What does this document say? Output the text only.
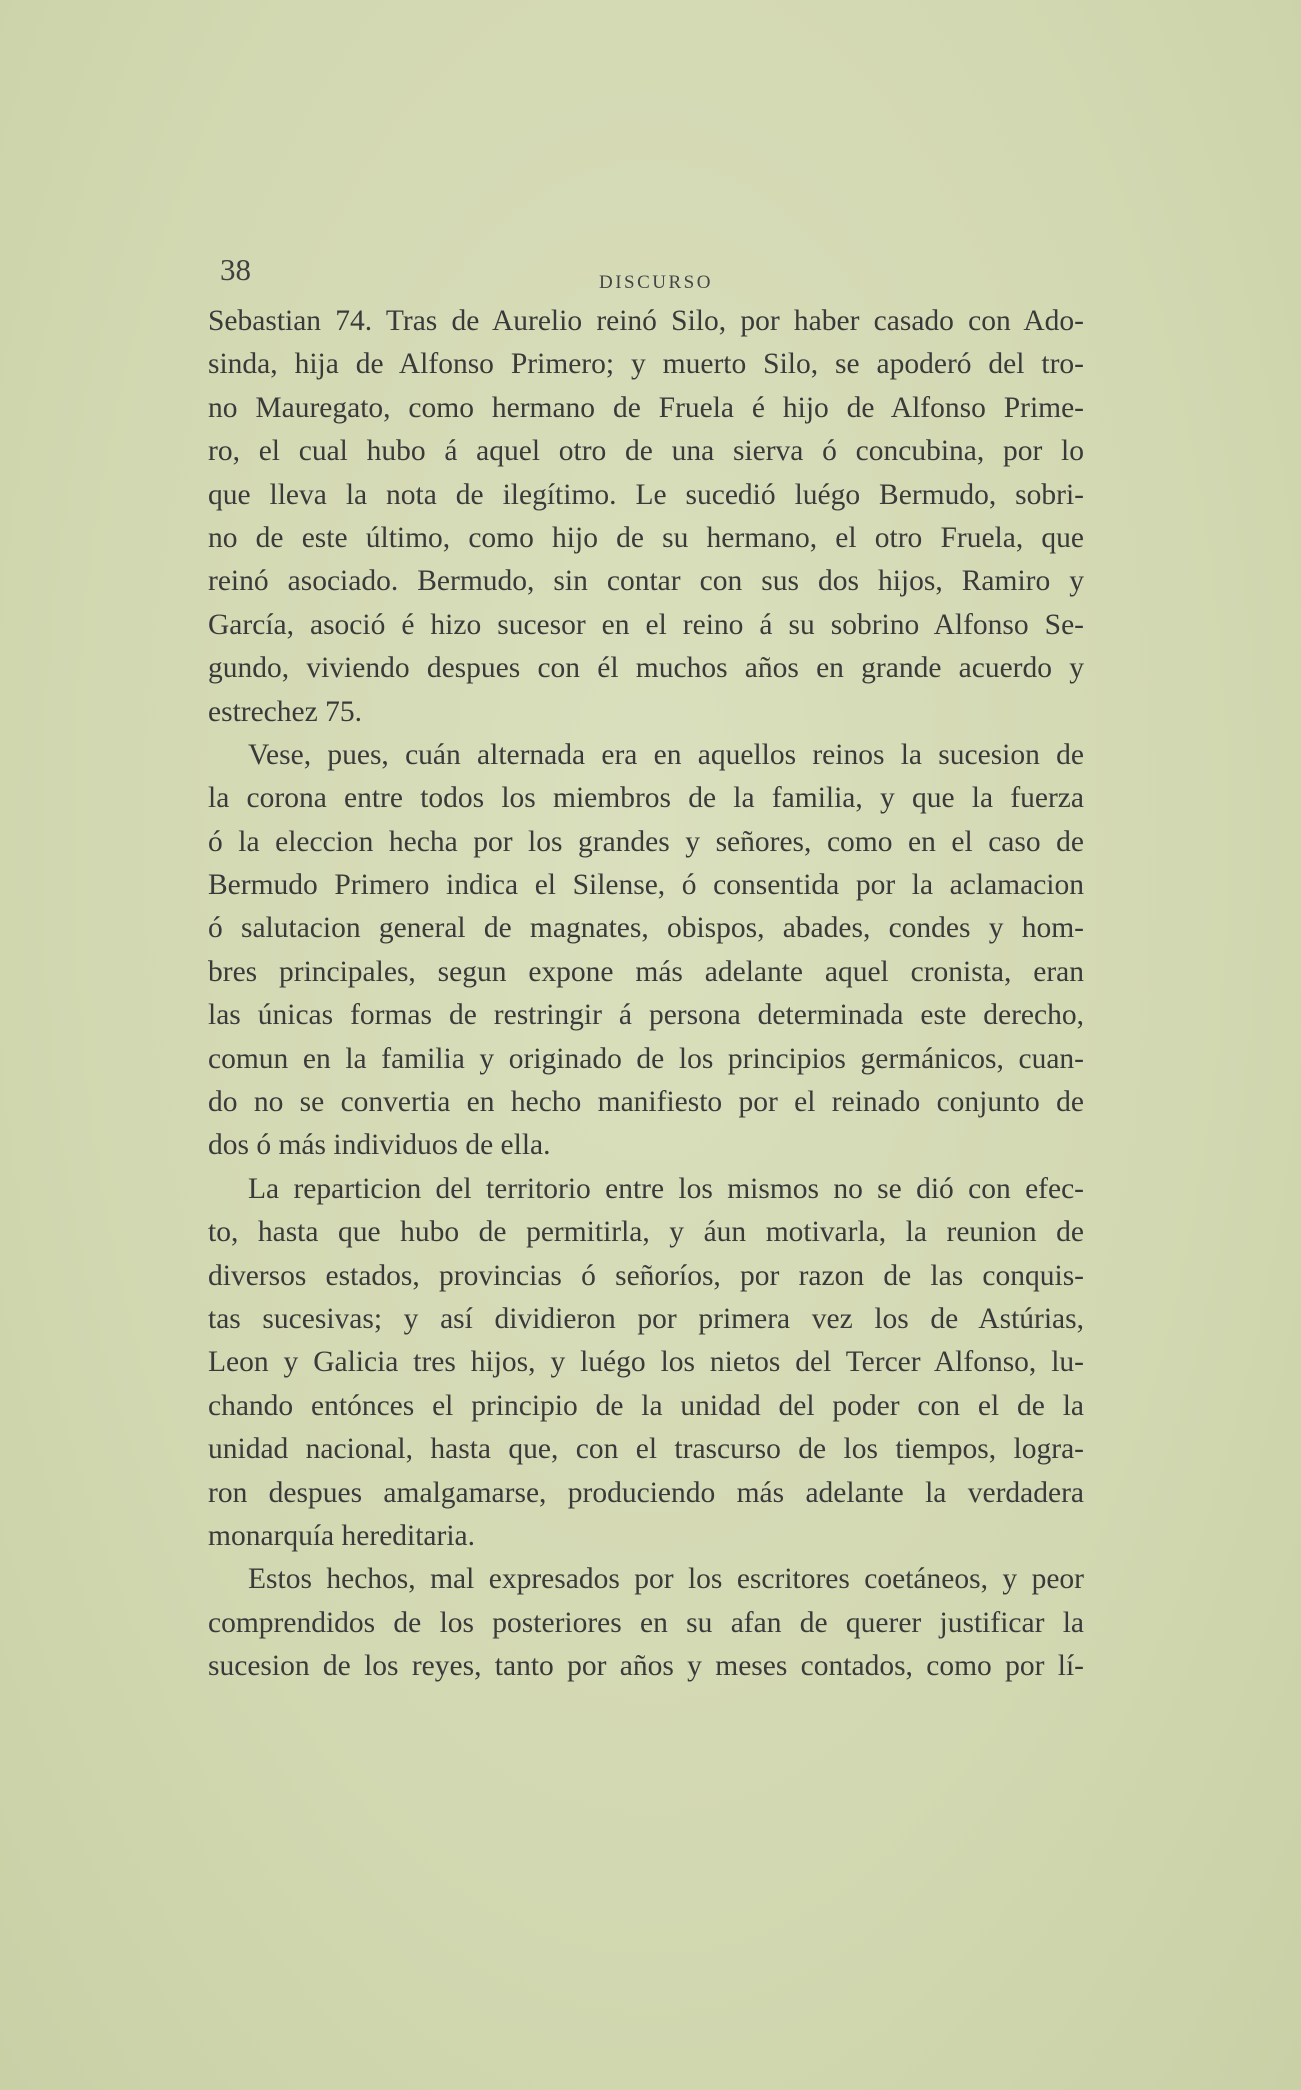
38	DISCURSO
Sebastian 74. Tras de Aurelio reinó Silo, por haber casado con Ado-
sinda, hija de Alfonso Primero; y muerto Silo, se apoderó del tro-
no Mauregato, como hermano de Fruela é hijo de Alfonso Prime-
ro, el cual hubo á aquel otro de una sierva ó concubina, por lo
que lleva la nota de ilegítimo. Le sucedió luégo Bermudo, sobri-
no de este último, como hijo de su hermano, el otro Fruela, que
reinó asociado. Bermudo, sin contar con sus dos hijos, Ramiro y
García, asoció é hizo sucesor en el reino á su sobrino Alfonso Se-
gundo, viviendo despues con él muchos años en grande acuerdo y
estrechez 75.
Vese, pues, cuán alternada era en aquellos reinos la sucesion de
la corona entre todos los miembros de la familia, y que la fuerza
ó la eleccion hecha por los grandes y señores, como en el caso de
Bermudo Primero indica el Silense, ó consentida por la aclamacion
ó salutacion general de magnates, obispos, abades, condes y hom-
bres principales, segun expone más adelante aquel cronista, eran
las únicas formas de restringir á persona determinada este derecho,
comun en la familia y originado de los principios germánicos, cuan-
do no se convertia en hecho manifiesto por el reinado conjunto de
dos ó más individuos de ella.
La reparticion del territorio entre los mismos no se dió con efec-
to, hasta que hubo de permitirla, y áun motivarla, la reunion de
diversos estados, provincias ó señoríos, por razon de las conquis-
tas sucesivas; y así dividieron por primera vez los de Astúrias,
Leon y Galicia tres hijos, y luégo los nietos del Tercer Alfonso, lu-
chando entónces el principio de la unidad del poder con el de la
unidad nacional, hasta que, con el trascurso de los tiempos, logra-
ron despues amalgamarse, produciendo más adelante la verdadera
monarquía hereditaria.
Estos hechos, mal expresados por los escritores coetáneos, y peor
comprendidos de los posteriores en su afan de querer justificar la
sucesion de los reyes, tanto por años y meses contados, como por lí-
